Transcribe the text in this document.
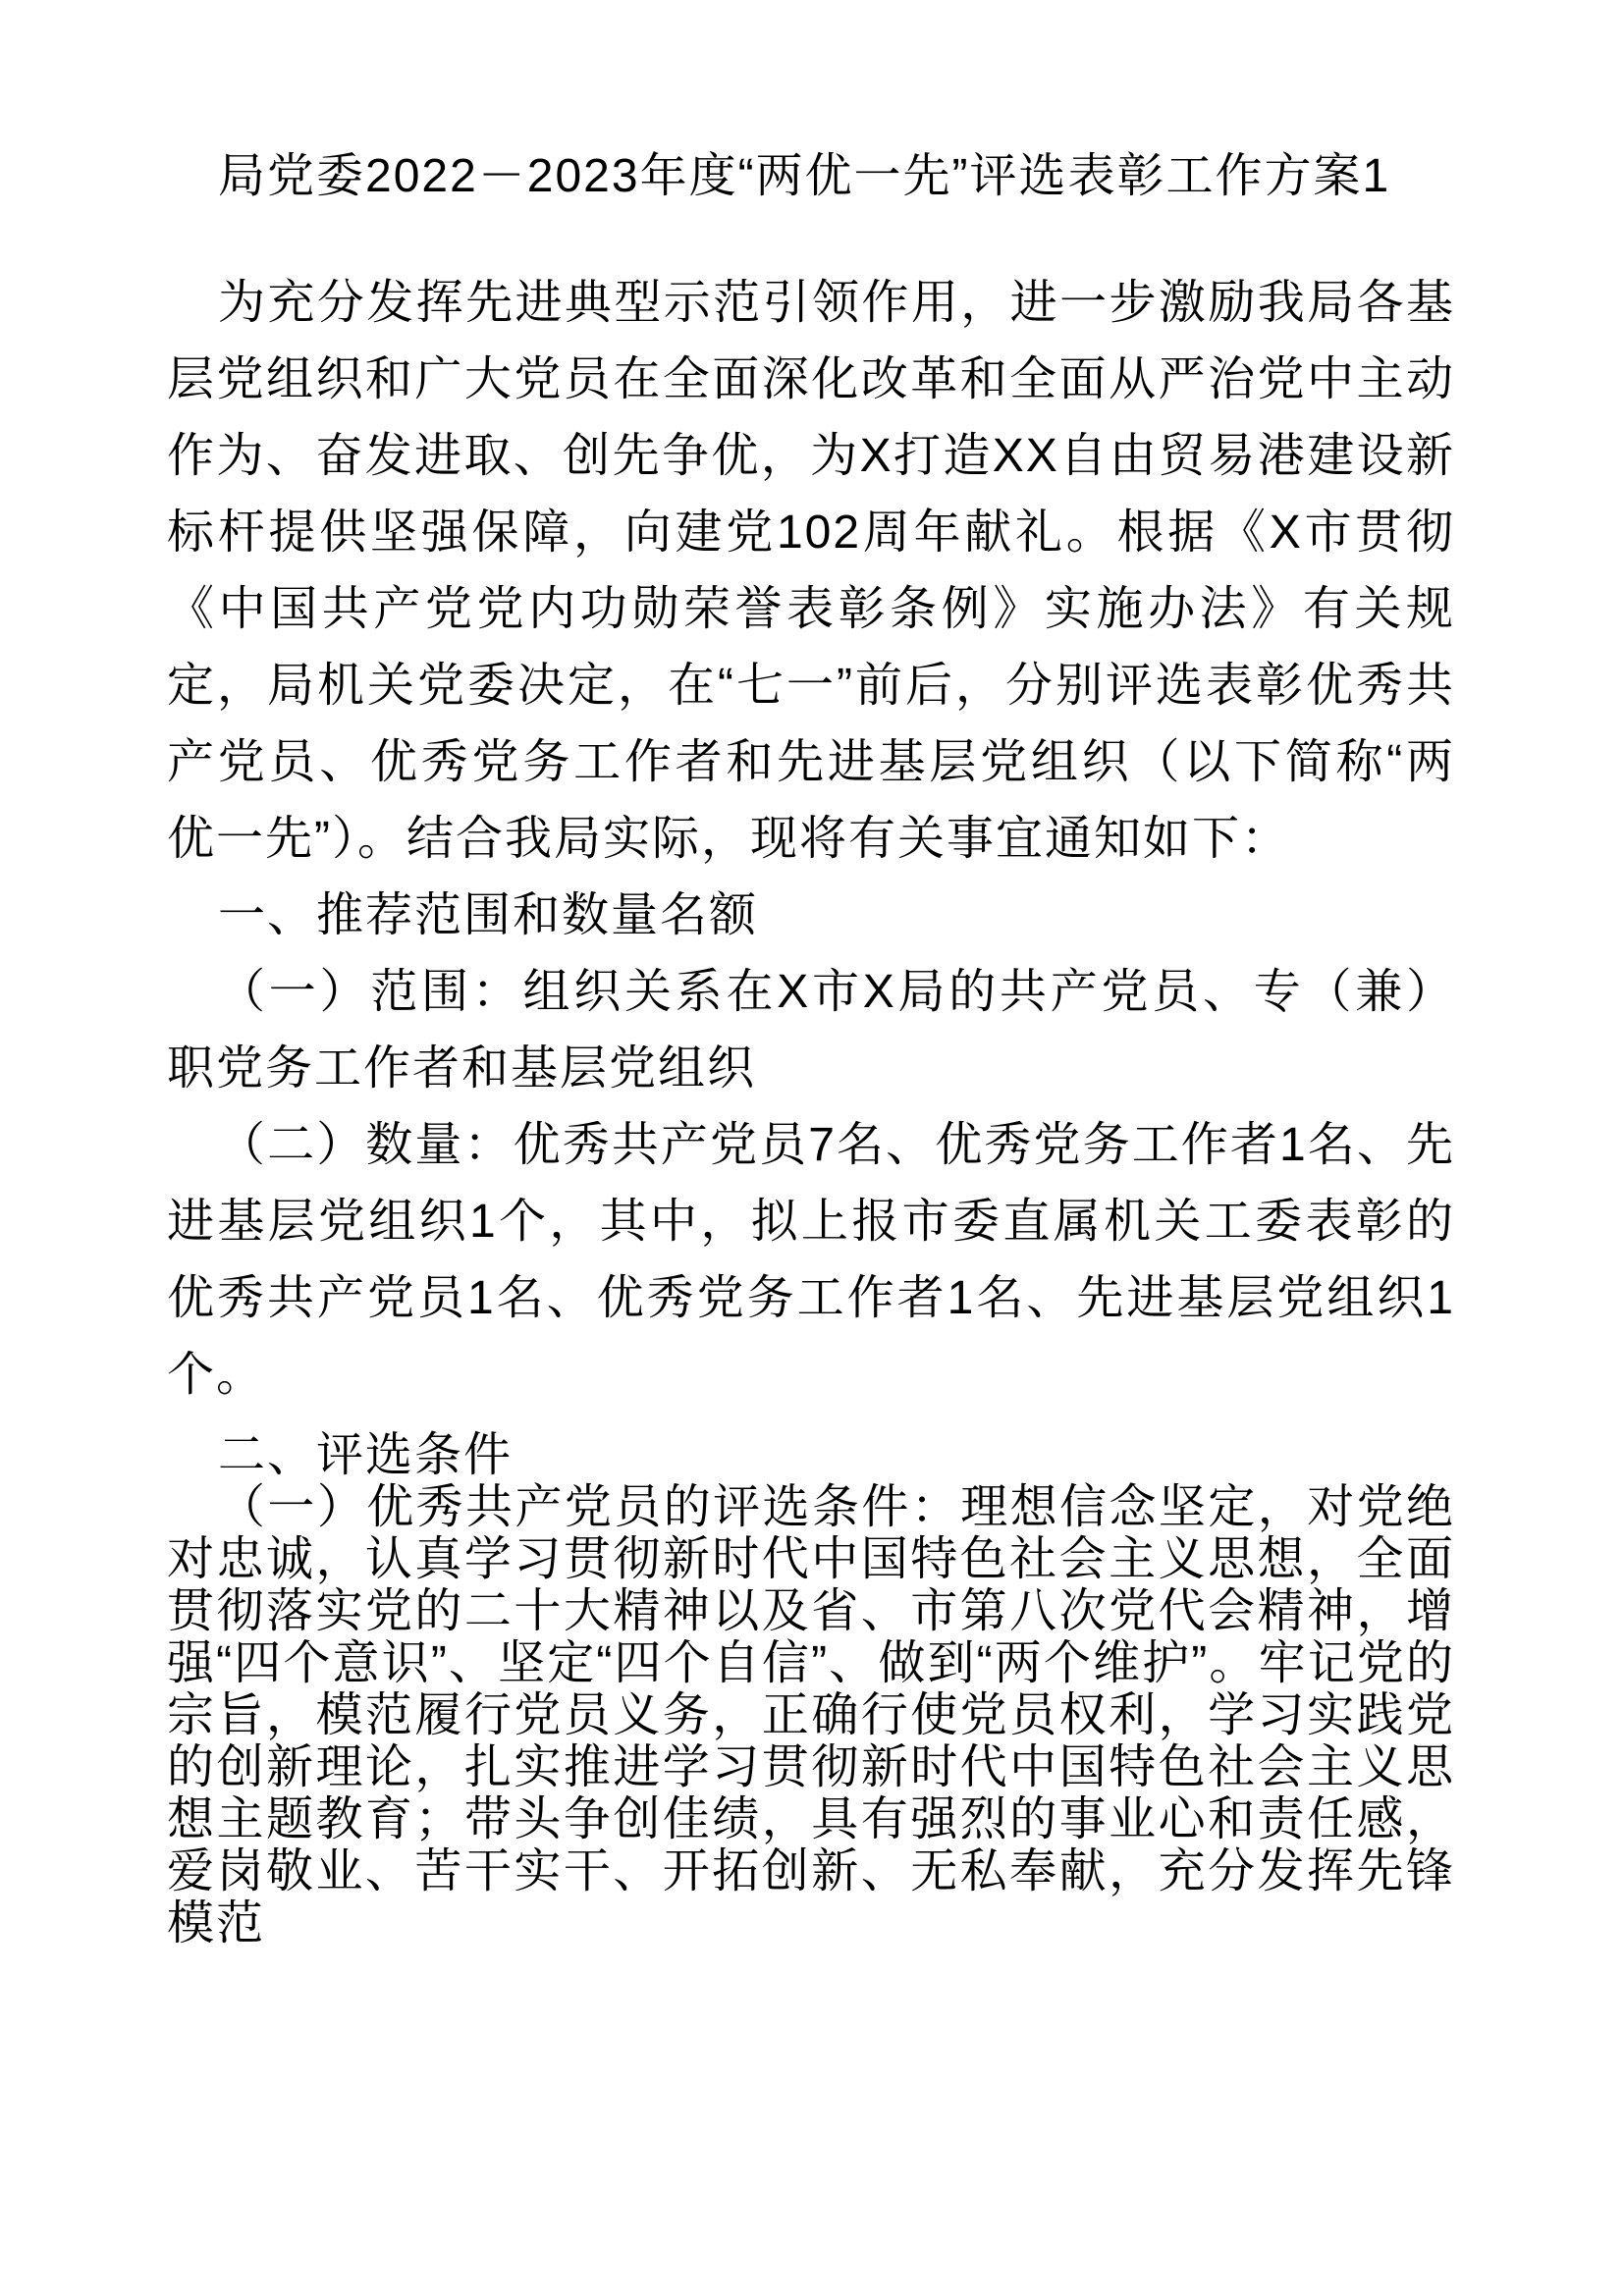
局党委2022－2023年度“两优一先”评选表彰工作方案1

为充分发挥先进典型示范引领作用，进一步激励我局各基层党组织和广大党员在全面深化改革和全面从严治党中主动作为、奋发进取、创先争优，为X打造XX自由贸易港建设新标杆提供坚强保障，向建党102周年献礼。根据《X市贯彻《中国共产党党内功勋荣誉表彰条例》实施办法》有关规定，局机关党委决定，在“七一”前后，分别评选表彰优秀共产党员、优秀党务工作者和先进基层党组织（以下简称“两优一先”）。结合我局实际，现将有关事宜通知如下：

一、推荐范围和数量名额

（一）范围：组织关系在X市X局的共产党员、专（兼）职党务工作者和基层党组织

（二）数量：优秀共产党员7名、优秀党务工作者1名、先进基层党组织1个，其中，拟上报市委直属机关工委表彰的优秀共产党员1名、优秀党务工作者1名、先进基层党组织1个。

二、评选条件

（一）优秀共产党员的评选条件：理想信念坚定，对党绝对忠诚，认真学习贯彻新时代中国特色社会主义思想，全面贯彻落实党的二十大精神以及省、市第八次党代会精神，增强“四个意识”、坚定“四个自信”、做到“两个维护”。牢记党的宗旨，模范履行党员义务，正确行使党员权利，学习实践党的创新理论，扎实推进学习贯彻新时代中国特色社会主义思想主题教育；带头争创佳绩，具有强烈的事业心和责任感，爱岗敬业、苦干实干、开拓创新、无私奉献，充分发挥先锋模范
